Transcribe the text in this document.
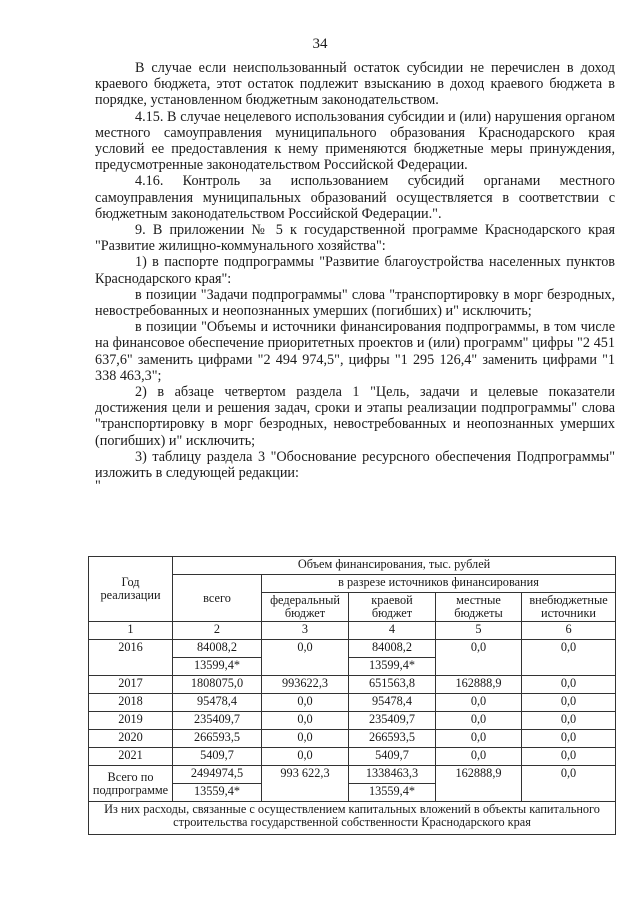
34

В случае если неиспользованный остаток субсидии не перечислен в доход краевого бюджета, этот остаток подлежит взысканию в доход краевого бюджета в порядке, установленном бюджетным законодательством.

4.15. В случае нецелевого использования субсидии и (или) нарушения органом местного самоуправления муниципального образования Краснодарского края условий ее предоставления к нему применяются бюджетные меры принуждения, предусмотренные законодательством Российской Федерации.

4.16. Контроль за использованием субсидий органами местного самоуправления муниципальных образований осуществляется в соответствии с бюджетным законодательством Российской Федерации.".

9. В приложении № 5 к государственной программе Краснодарского края "Развитие жилищно-коммунального хозяйства":

1) в паспорте подпрограммы "Развитие благоустройства населенных пунктов Краснодарского края":

в позиции "Задачи подпрограммы" слова "транспортировку в морг безродных, невостребованных и неопознанных умерших (погибших) и" исключить;

в позиции "Объемы и источники финансирования подпрограммы, в том числе на финансовое обеспечение приоритетных проектов и (или) программ" цифры "2 451 637,6" заменить цифрами "2 494 974,5", цифры "1 295 126,4" заменить цифрами "1 338 463,3";

2) в абзаце четвертом раздела 1 "Цель, задачи и целевые показатели достижения цели и решения задач, сроки и этапы реализации подпрограммы" слова "транспортировку в морг безродных, невостребованных и неопознанных умерших (погибших) и" исключить;

3) таблицу раздела 3 "Обоснование ресурсного обеспечения Подпрограммы" изложить в следующей редакции:

"

Год реализации	Объем финансирования, тыс. рублей				
	всего	в разрезе источников финансирования			
		федеральный бюджет	краевой бюджет	местные бюджеты	внебюджетные источники
1	2	3	4	5	6
2016	84008,2	0,0	84008,2	0,0	0,0
	13599,4*		13599,4*		
2017	1808075,0	993622,3	651563,8	162888,9	0,0
2018	95478,4	0,0	95478,4	0,0	0,0
2019	235409,7	0,0	235409,7	0,0	0,0
2020	266593,5	0,0	266593,5	0,0	0,0
2021	5409,7	0,0	5409,7	0,0	0,0
Всего по подпрограмме	2494974,5	993 622,3	1338463,3	162888,9	0,0
	13559,4*		13559,4*		
Из них расходы, связанные с осуществлением капитальных вложений в объекты капитального строительства государственной собственности Краснодарского края					
